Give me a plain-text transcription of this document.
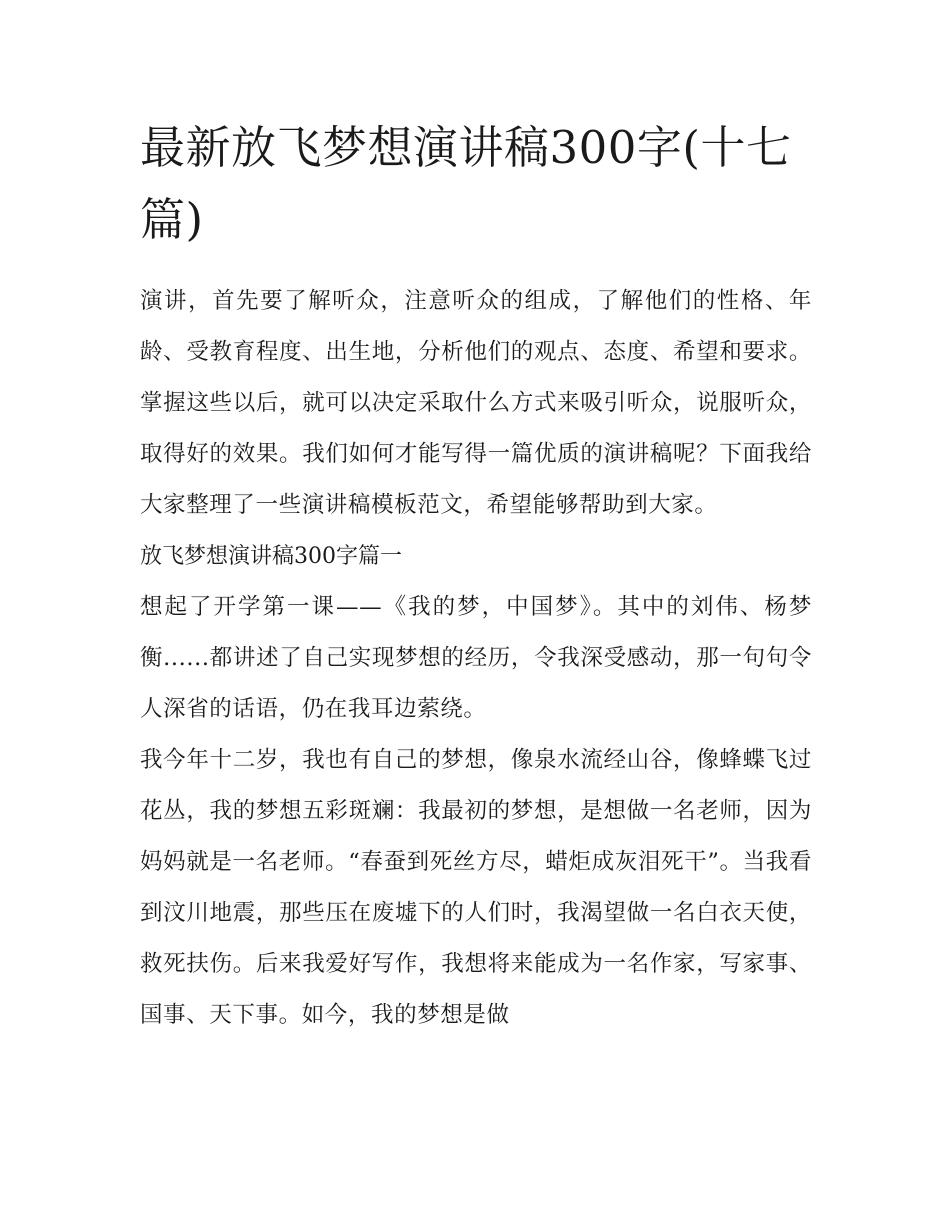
最新放飞梦想演讲稿300字(十七篇)

演讲，首先要了解听众，注意听众的组成，了解他们的性格、年龄、受教育程度、出生地，分析他们的观点、态度、希望和要求。掌握这些以后，就可以决定采取什么方式来吸引听众，说服听众，取得好的效果。我们如何才能写得一篇优质的演讲稿呢？下面我给大家整理了一些演讲稿模板范文，希望能够帮助到大家。

放飞梦想演讲稿300字篇一

想起了开学第一课——《我的梦，中国梦》。其中的刘伟、杨梦衡......都讲述了自己实现梦想的经历，令我深受感动，那一句句令人深省的话语，仍在我耳边萦绕。

我今年十二岁，我也有自己的梦想，像泉水流经山谷，像蜂蝶飞过花丛，我的梦想五彩斑斓：我最初的梦想，是想做一名老师，因为妈妈就是一名老师。“春蚕到死丝方尽，蜡炬成灰泪死干”。当我看到汶川地震，那些压在废墟下的人们时，我渴望做一名白衣天使，救死扶伤。后来我爱好写作，我想将来能成为一名作家，写家事、国事、天下事。如今，我的梦想是做
